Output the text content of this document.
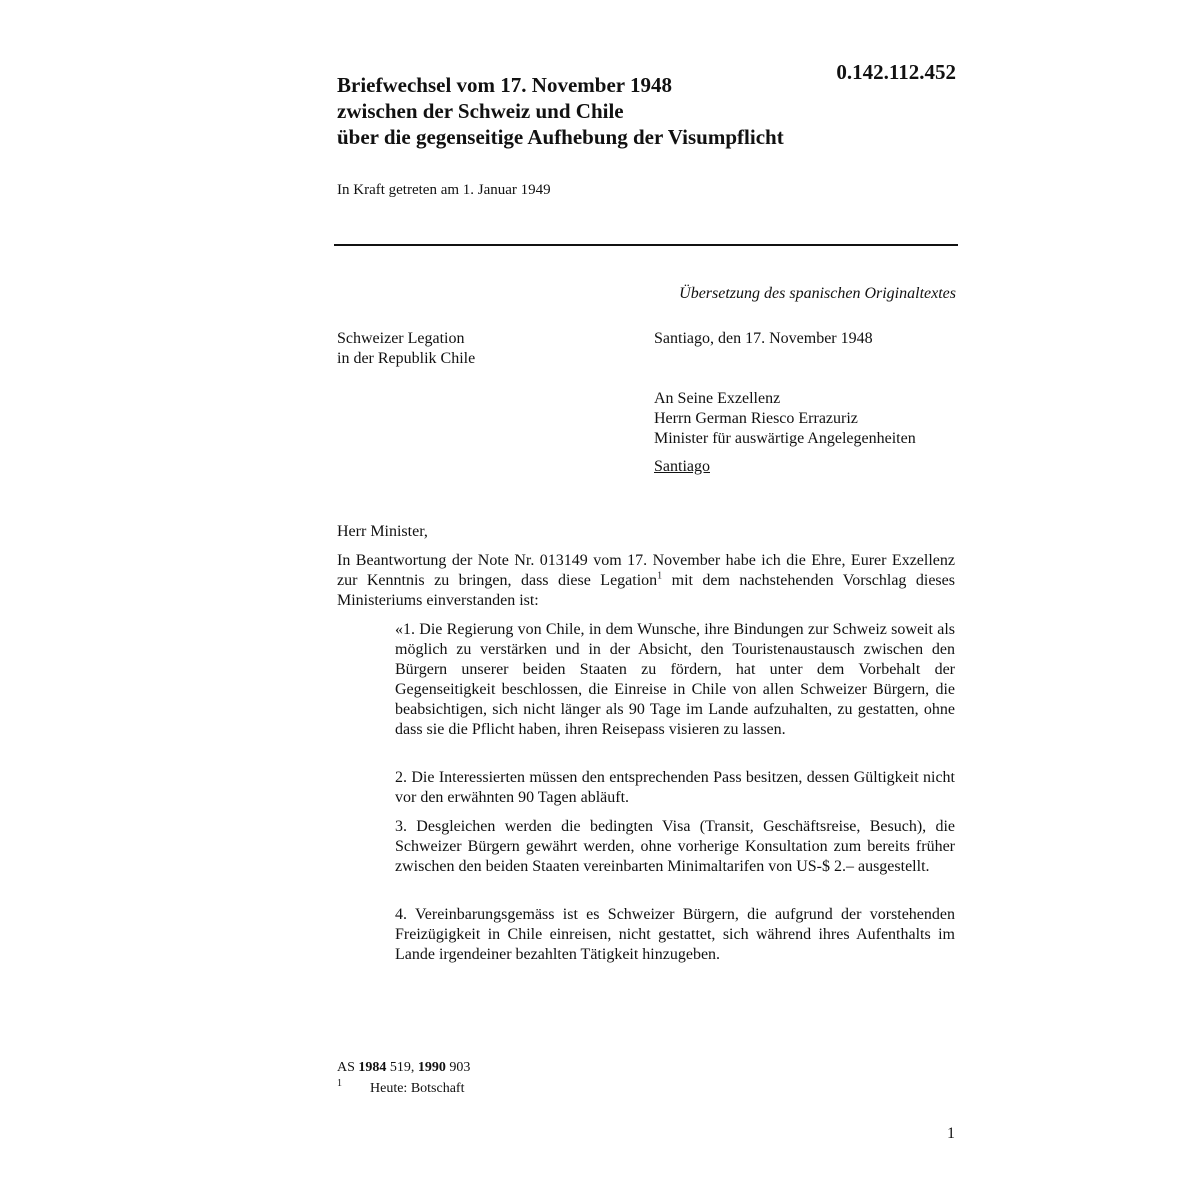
0.142.112.452
Briefwechsel vom 17. November 1948
zwischen der Schweiz und Chile
über die gegenseitige Aufhebung der Visumpflicht
In Kraft getreten am 1. Januar 1949
Übersetzung des spanischen Originaltextes
Schweizer Legation
in der Republik Chile
Santiago, den 17. November 1948
An Seine Exzellenz
Herrn German Riesco Errazuriz
Minister für auswärtige Angelegenheiten
Santiago
Herr Minister,
In Beantwortung der Note Nr. 013149 vom 17. November habe ich die Ehre, Eurer Exzellenz zur Kenntnis zu bringen, dass diese Legation$^1$ mit dem nachstehenden Vorschlag dieses Ministeriums einverstanden ist:
«1. Die Regierung von Chile, in dem Wunsche, ihre Bindungen zur Schweiz soweit als möglich zu verstärken und in der Absicht, den Touristenaustausch zwischen den Bürgern unserer beiden Staaten zu fördern, hat unter dem Vorbehalt der Gegenseitigkeit beschlossen, die Einreise in Chile von allen Schweizer Bürgern, die beabsichtigen, sich nicht länger als 90 Tage im Lande aufzuhalten, zu gestatten, ohne dass sie die Pflicht haben, ihren Reisepass visieren zu lassen.
2. Die Interessierten müssen den entsprechenden Pass besitzen, dessen Gültigkeit nicht vor den erwähnten 90 Tagen abläuft.
3. Desgleichen werden die bedingten Visa (Transit, Geschäftsreise, Besuch), die Schweizer Bürgern gewährt werden, ohne vorherige Konsultation zum bereits früher zwischen den beiden Staaten vereinbarten Minimaltarifen von US-$ 2.– ausgestellt.
4. Vereinbarungsgemäss ist es Schweizer Bürgern, die aufgrund der vorstehenden Freizügigkeit in Chile einreisen, nicht gestattet, sich während ihres Aufenthalts im Lande irgendeiner bezahlten Tätigkeit hinzugeben.
AS 1984 519, 1990 903
1 Heute: Botschaft
1
